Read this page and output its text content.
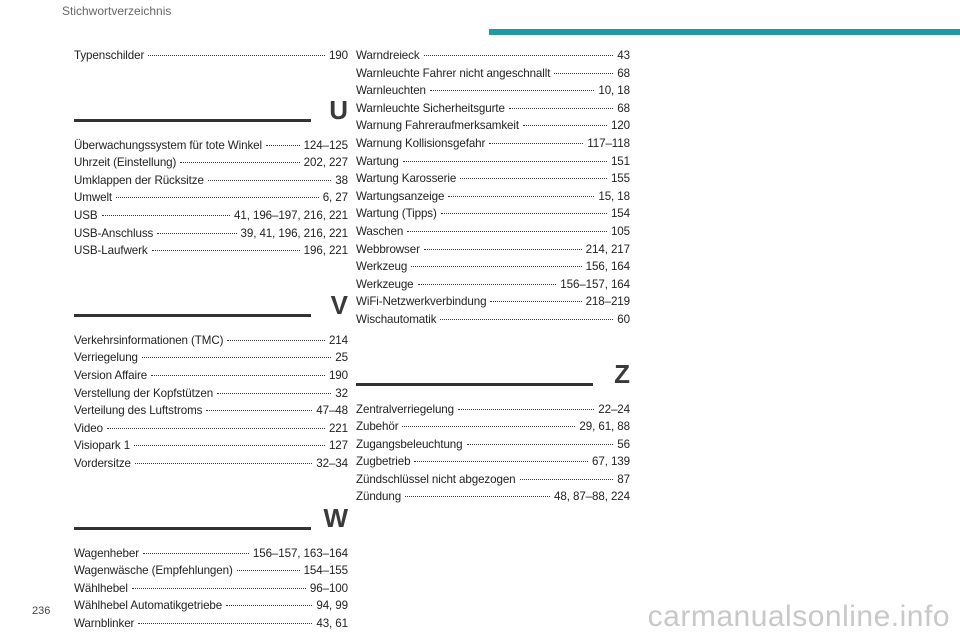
Stichwortverzeichnis
Typenschilder	190
U
Überwachungssystem für tote Winkel	124–125
Uhrzeit (Einstellung)	202, 227
Umklappen der Rücksitze	38
Umwelt	6, 27
USB	41, 196–197, 216, 221
USB-Anschluss	39, 41, 196, 216, 221
USB-Laufwerk	196, 221
V
Verkehrsinformationen (TMC)	214
Verriegelung	25
Version Affaire	190
Verstellung der Kopfstützen	32
Verteilung des Luftstroms	47–48
Video	221
Visiopark 1	127
Vordersitze	32–34
W
Wagenheber	156–157, 163–164
Wagenwäsche (Empfehlungen)	154–155
Wählhebel	96–100
Wählhebel Automatikgetriebe	94, 99
Warnblinker	43, 61
Warndreieck	43
Warnleuchte Fahrer nicht angeschnallt	68
Warnleuchten	10, 18
Warnleuchte Sicherheitsgurte	68
Warnung Fahreraufmerksamkeit	120
Warnung Kollisionsgefahr	117–118
Wartung	151
Wartung Karosserie	155
Wartungsanzeige	15, 18
Wartung (Tipps)	154
Waschen	105
Webbrowser	214, 217
Werkzeug	156, 164
Werkzeuge	156–157, 164
WiFi-Netzwerkverbindung	218–219
Wischautomatik	60
Z
Zentralverriegelung	22–24
Zubehör	29, 61, 88
Zugangsbeleuchtung	56
Zugbetrieb	67, 139
Zündschlüssel nicht abgezogen	87
Zündung	48, 87–88, 224
236	carmanualsonline.info
